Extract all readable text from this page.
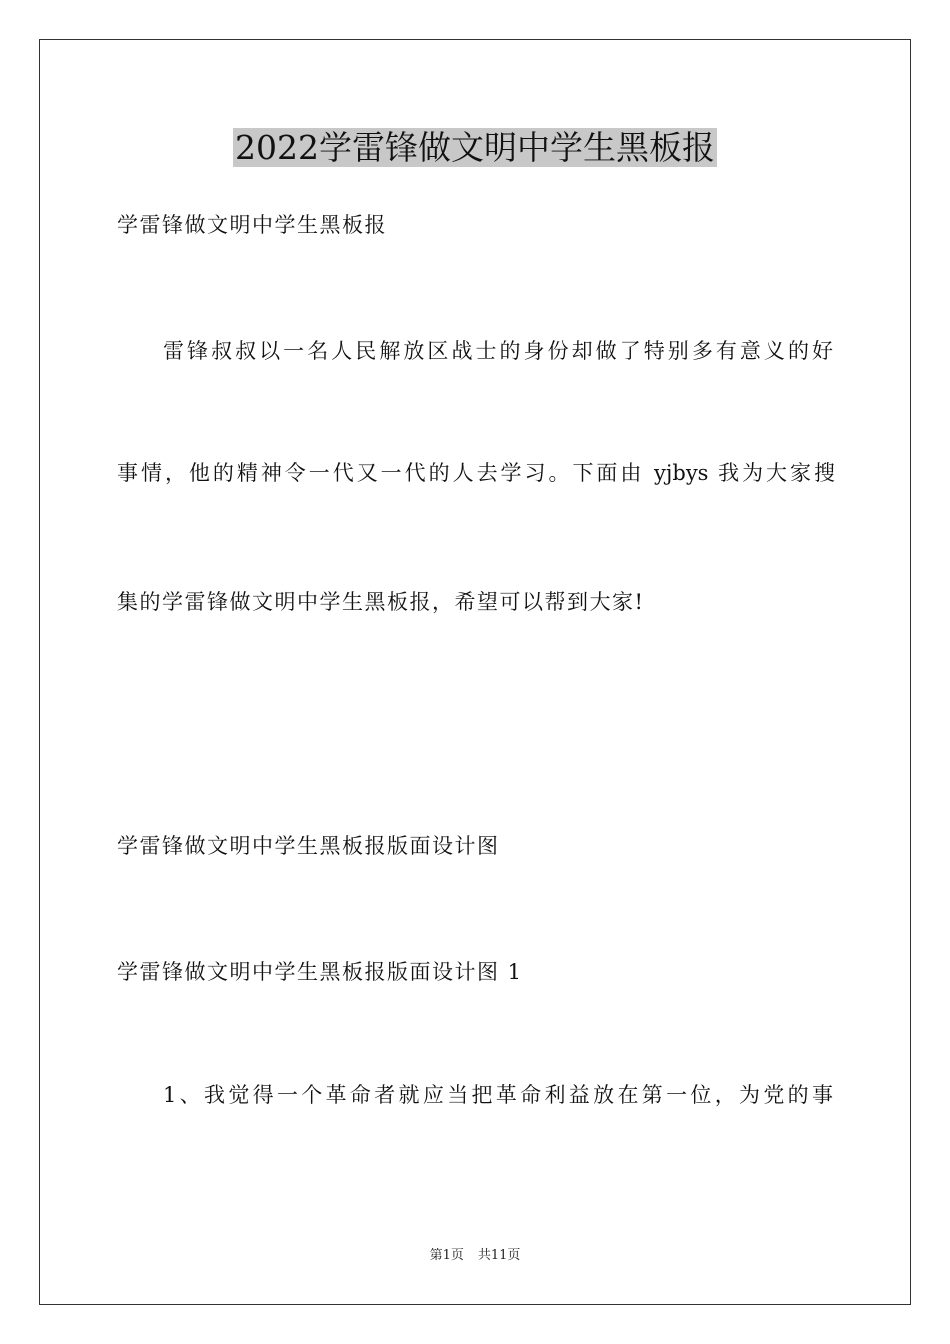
2022学雷锋做文明中学生黑板报
学雷锋做文明中学生黑板报
雷锋叔叔以一名人民解放区战士的身份却做了特别多有意义的好
事情，他的精神令一代又一代的人去学习。下面由 yjbys 我为大家搜
集的学雷锋做文明中学生黑板报，希望可以帮到大家!
学雷锋做文明中学生黑板报版面设计图
学雷锋做文明中学生黑板报版面设计图 1
1、我觉得一个革命者就应当把革命利益放在第一位，为党的事
第1页 共11页
